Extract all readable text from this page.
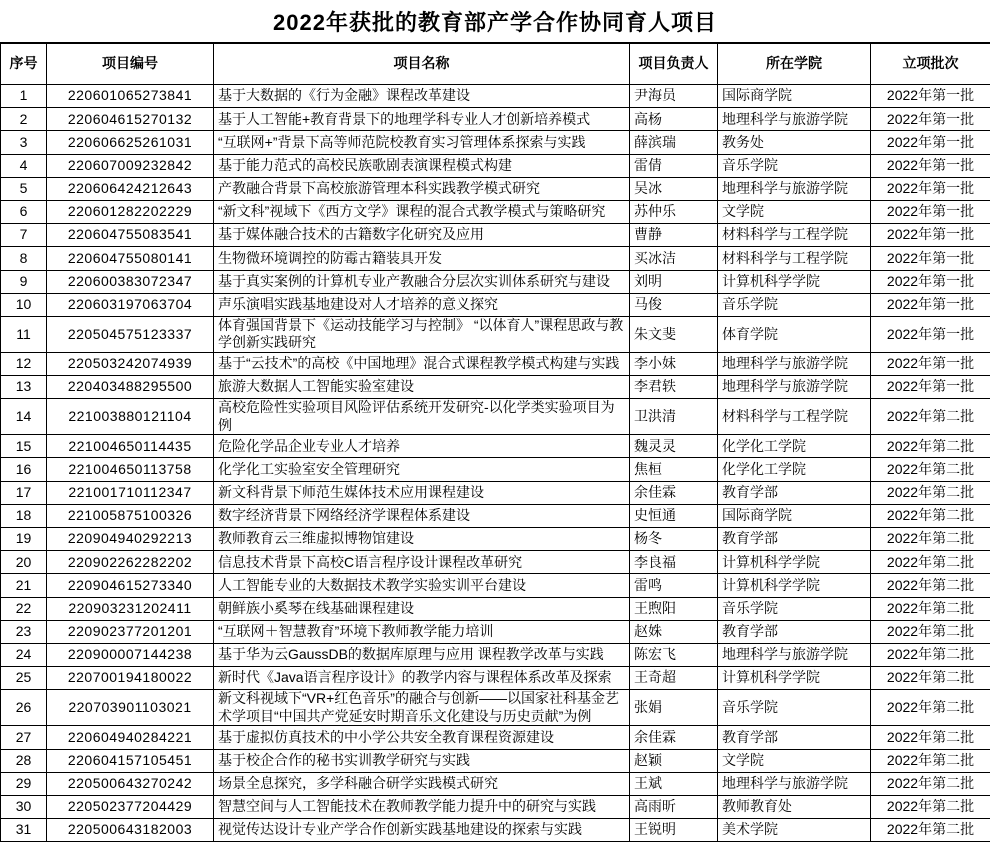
2022年获批的教育部产学合作协同育人项目
序号	项目编号	项目名称	项目负责人	所在学院	立项批次
1	220601065273841	基于大数据的《行为金融》课程改革建设	尹海员	国际商学院	2022年第一批
2	220604615270132	基于人工智能+教育背景下的地理学科专业人才创新培养模式	高杨	地理科学与旅游学院	2022年第一批
3	220606625261031	“互联网+”背景下高等师范院校教育实习管理体系探索与实践	薛滨瑞	教务处	2022年第一批
4	220607009232842	基于能力范式的高校民族歌剧表演课程模式构建	雷倩	音乐学院	2022年第一批
5	220606424212643	产教融合背景下高校旅游管理本科实践教学模式研究	吴冰	地理科学与旅游学院	2022年第一批
6	220601282202229	“新文科”视域下《西方文学》课程的混合式教学模式与策略研究	苏仲乐	文学院	2022年第一批
7	220604755083541	基于媒体融合技术的古籍数字化研究及应用	曹静	材料科学与工程学院	2022年第一批
8	220604755080141	生物微环境调控的防霉古籍装具开发	买冰洁	材料科学与工程学院	2022年第一批
9	220600383072347	基于真实案例的计算机专业产教融合分层次实训体系研究与建设	刘明	计算机科学学院	2022年第一批
10	220603197063704	声乐演唱实践基地建设对人才培养的意义探究	马俊	音乐学院	2022年第一批
11	220504575123337	体育强国背景下《运动技能学习与控制》 “以体育人”课程思政与教学创新实践研究	朱文斐	体育学院	2022年第一批
12	220503242074939	基于“云技术”的高校《中国地理》混合式课程教学模式构建与实践	李小妹	地理科学与旅游学院	2022年第一批
13	220403488295500	旅游大数据人工智能实验室建设	李君轶	地理科学与旅游学院	2022年第一批
14	221003880121104	高校危险性实验项目风险评估系统开发研究-以化学类实验项目为例	卫洪清	材料科学与工程学院	2022年第二批
15	221004650114435	危险化学品企业专业人才培养	魏灵灵	化学化工学院	2022年第二批
16	221004650113758	化学化工实验室安全管理研究	焦桓	化学化工学院	2022年第二批
17	221001710112347	新文科背景下师范生媒体技术应用课程建设	余佳霖	教育学部	2022年第二批
18	221005875100326	数字经济背景下网络经济学课程体系建设	史恒通	国际商学院	2022年第二批
19	220904940292213	教师教育云三维虚拟博物馆建设	杨冬	教育学部	2022年第二批
20	220902262282202	信息技术背景下高校C语言程序设计课程改革研究	李良福	计算机科学学院	2022年第二批
21	220904615273340	人工智能专业的大数据技术教学实验实训平台建设	雷鸣	计算机科学学院	2022年第二批
22	220903231202411	朝鲜族小奚琴在线基础课程建设	王煦阳	音乐学院	2022年第二批
23	220902377201201	“互联网＋智慧教育”环境下教师教学能力培训	赵姝	教育学部	2022年第二批
24	220900007144238	基于华为云GaussDB的数据库原理与应用 课程教学改革与实践	陈宏飞	地理科学与旅游学院	2022年第二批
25	220700194180022	新时代《Java语言程序设计》的教学内容与课程体系改革及探索	王奇超	计算机科学学院	2022年第二批
26	220703901103021	新文科视域下“VR+红色音乐”的融合与创新——以国家社科基金艺术学项目“中国共产党延安时期音乐文化建设与历史贡献”为例	张娟	音乐学院	2022年第二批
27	220604940284221	基于虚拟仿真技术的中小学公共安全教育课程资源建设	余佳霖	教育学部	2022年第二批
28	220604157105451	基于校企合作的秘书实训教学研究与实践	赵颖	文学院	2022年第二批
29	220500643270242	场景全息探究，多学科融合研学实践模式研究	王斌	地理科学与旅游学院	2022年第二批
30	220502377204429	智慧空间与人工智能技术在教师教学能力提升中的研究与实践	高雨昕	教师教育处	2022年第二批
31	220500643182003	视觉传达设计专业产学合作创新实践基地建设的探索与实践	王锐明	美术学院	2022年第二批
